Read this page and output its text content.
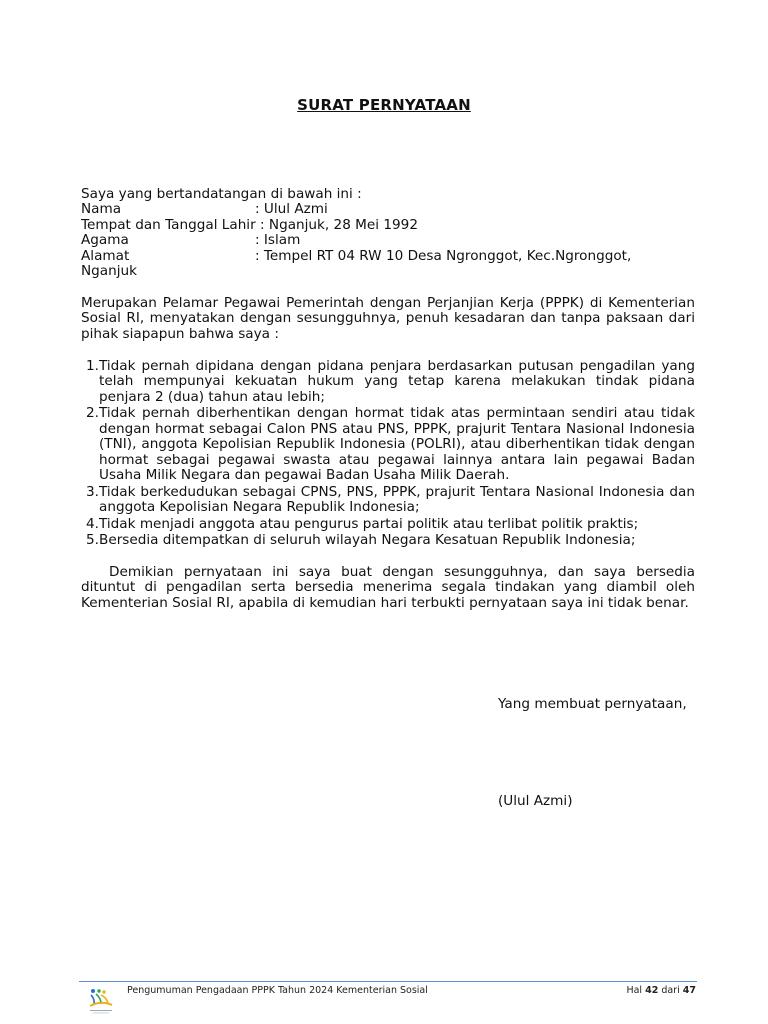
SURAT PERNYATAAN
Saya yang bertandatangan di bawah ini :
Nama	: Ulul Azmi
Tempat dan Tanggal Lahir : Nganjuk, 28 Mei 1992
Agama	: Islam
Alamat	: Tempel RT 04 RW 10 Desa Ngronggot, Kec.Ngronggot,
Nganjuk
Merupakan Pelamar Pegawai Pemerintah dengan Perjanjian Kerja (PPPK) di Kementerian Sosial RI, menyatakan dengan sesungguhnya, penuh kesadaran dan tanpa paksaan dari pihak siapapun bahwa saya :
1. Tidak pernah dipidana dengan pidana penjara berdasarkan putusan pengadilan yang telah mempunyai kekuatan hukum yang tetap karena melakukan tindak pidana penjara 2 (dua) tahun atau lebih;
2. Tidak pernah diberhentikan dengan hormat tidak atas permintaan sendiri atau tidak dengan hormat sebagai Calon PNS atau PNS, PPPK, prajurit Tentara Nasional Indonesia (TNI), anggota Kepolisian Republik Indonesia (POLRI), atau diberhentikan tidak dengan hormat sebagai pegawai swasta atau pegawai lainnya antara lain pegawai Badan Usaha Milik Negara dan pegawai Badan Usaha Milik Daerah.
3. Tidak berkedudukan sebagai CPNS, PNS, PPPK, prajurit Tentara Nasional Indonesia dan anggota Kepolisian Negara Republik Indonesia;
4. Tidak menjadi anggota atau pengurus partai politik atau terlibat politik praktis;
5. Bersedia ditempatkan di seluruh wilayah Negara Kesatuan Republik Indonesia;
Demikian pernyataan ini saya buat dengan sesungguhnya, dan saya bersedia dituntut di pengadilan serta bersedia menerima segala tindakan yang diambil oleh Kementerian Sosial RI, apabila di kemudian hari terbukti pernyataan saya ini tidak benar.
Yang membuat pernyataan,
(Ulul Azmi)
Pengumuman Pengadaan PPPK Tahun 2024 Kementerian Sosial	Hal 42 dari 47
